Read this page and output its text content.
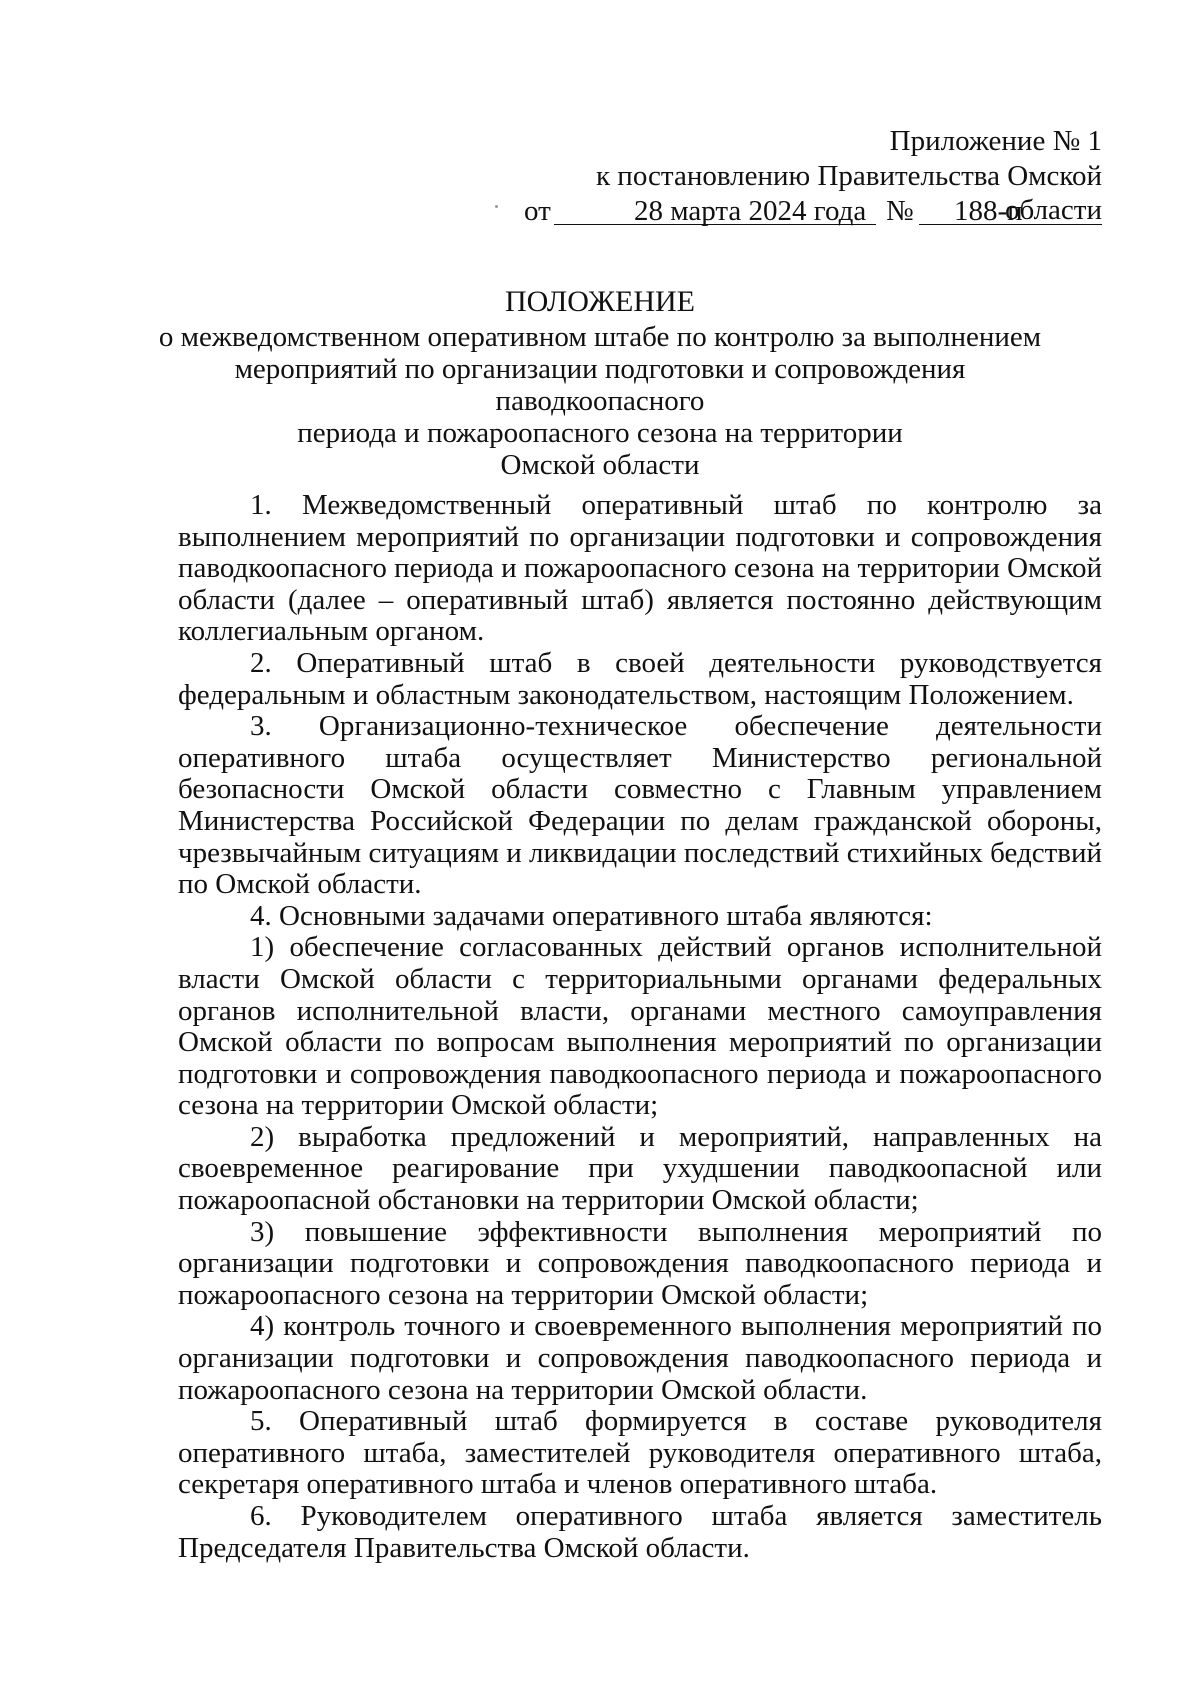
Приложение № 1
к постановлению Правительства Омской области
от	28 марта 2024 года № 188-п
ПОЛОЖЕНИЕ
о межведомственном оперативном штабе по контролю за выполнением
мероприятий по организации подготовки и сопровождения паводкоопасного
периода и пожароопасного сезона на территории
Омской области

1. Межведомственный оперативный штаб по контролю за выполнением мероприятий по организации подготовки и сопровождения паводкоопасного периода и пожароопасного сезона на территории Омской области (далее – оперативный штаб) является постоянно действующим коллегиальным органом.

2. Оперативный штаб в своей деятельности руководствуется федеральным и областным законодательством, настоящим Положением.

3. Организационно-техническое обеспечение деятельности оперативного штаба осуществляет Министерство региональной безопасности Омской области совместно с Главным управлением Министерства Российской Федерации по делам гражданской обороны, чрезвычайным ситуациям и ликвидации последствий стихийных бедствий по Омской области.

4. Основными задачами оперативного штаба являются:

1) обеспечение согласованных действий органов исполнительной власти Омской области с территориальными органами федеральных органов исполнительной власти, органами местного самоуправления Омской области по вопросам выполнения мероприятий по организации подготовки и сопровождения паводкоопасного периода и пожароопасного сезона на территории Омской области;

2) выработка предложений и мероприятий, направленных на своевременное реагирование при ухудшении паводкоопасной или пожароопасной обстановки на территории Омской области;

3) повышение эффективности выполнения мероприятий по организации подготовки и сопровождения паводкоопасного периода и пожароопасного сезона на территории Омской области;

4) контроль точного и своевременного выполнения мероприятий по организации подготовки и сопровождения паводкоопасного периода и пожароопасного сезона на территории Омской области.

5. Оперативный штаб формируется в составе руководителя оперативного штаба, заместителей руководителя оперативного штаба, секретаря оперативного штаба и членов оперативного штаба.

6. Руководителем оперативного штаба является заместитель Председателя Правительства Омской области.
